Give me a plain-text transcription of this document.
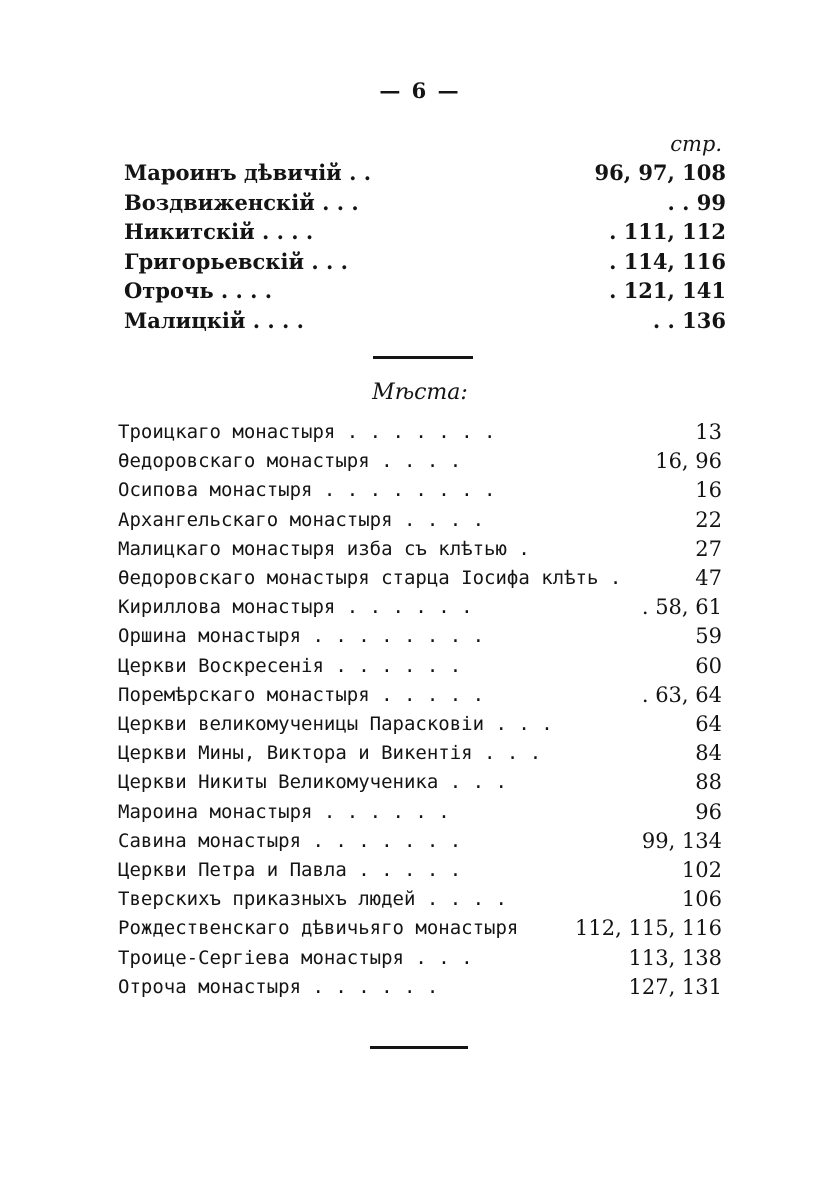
— 6 —
стр.
Мароинъ дѣвичій . .	96, 97, 108
Воздвиженскій . . .	. . 99
Никитскій . . . .	. 111, 112
Григорьевскій . . .	. 114, 116
Отрочь . . . .	. 121, 141
Малицкій . . . .	. . 136
Мѣста:
Троицкаго монастыря . . . . . . .	13
Өедоровскаго монастыря . . . .	16, 96
Осипова монастыря . . . . . . . .	16
Архангельскаго монастыря . . . .	22
Малицкаго монастыря изба съ клѣтью .	27
Өедоровскаго монастыря старца Іосифа клѣть .	47
Кириллова монастыря . . . . . .	. 58, 61
Оршина монастыря . . . . . . . .	59
Церкви Воскресенія . . . . . .	60
Поремѣрскаго монастыря . . . . .	. 63, 64
Церкви великомученицы Парасковіи . . .	64
Церкви Мины, Виктора и Викентія . . .	84
Церкви Никиты Великомученика . . .	88
Мароина монастыря . . . . . .	96
Савина монастыря . . . . . . .	99, 134
Церкви Петра и Павла . . . . .	102
Тверскихъ приказныхъ людей . . . .	106
Рождественскаго дѣвичьяго монастыря	112, 115, 116
Троице-Сергіева монастыря . . .	113, 138
Отроча монастыря . . . . . .	127, 131
